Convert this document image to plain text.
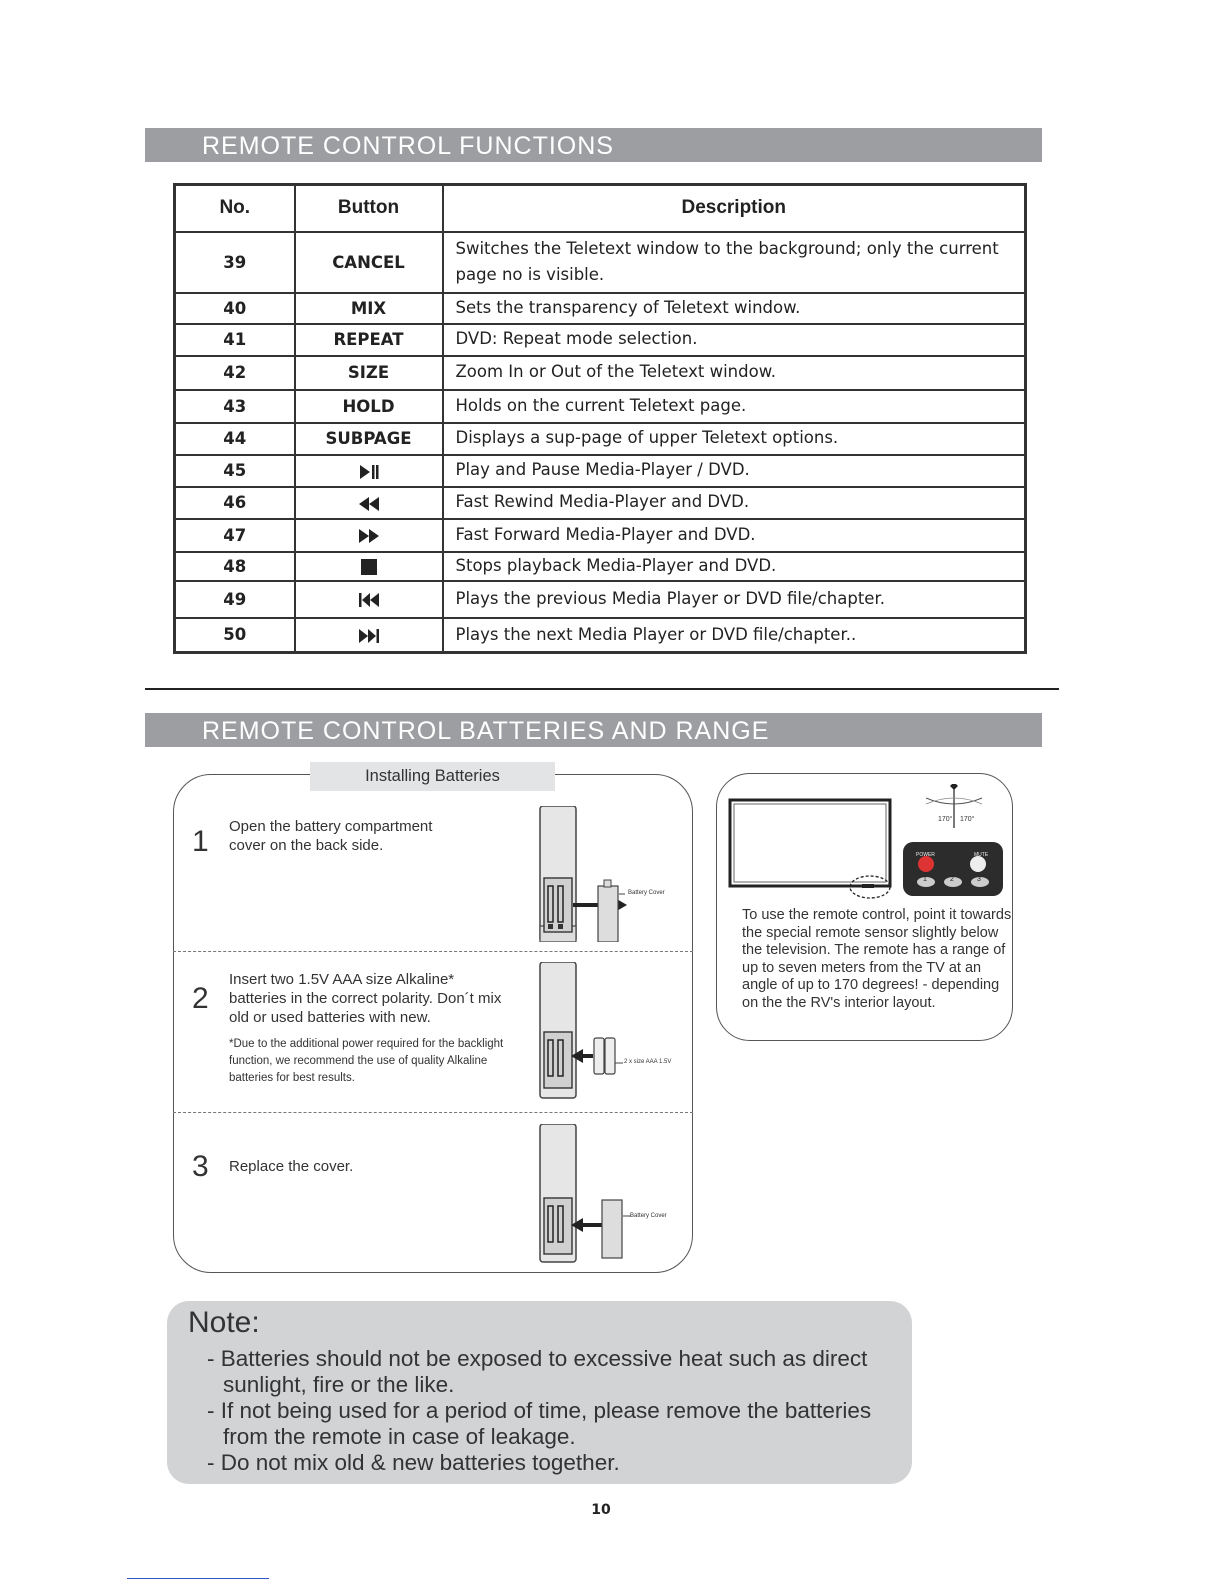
REMOTE CONTROL FUNCTIONS
No.	Button	Description
39	CANCEL	Switches the Teletext window to the background; only the current page no is visible.
40	MIX	Sets the transparency of Teletext window.
41	REPEAT	DVD: Repeat mode selection.
42	SIZE	Zoom In or Out of the Teletext window.
43	HOLD	Holds on the current Teletext page.
44	SUBPAGE	Displays a sup-page of upper Teletext options.
45		Play and Pause Media-Player / DVD.
46		Fast Rewind Media-Player and DVD.
47		Fast Forward Media-Player and DVD.
48		Stops playback Media-Player and DVD.
49		Plays the previous Media Player or DVD file/chapter.
50		Plays the next Media Player or DVD file/chapter..
REMOTE CONTROL BATTERIES AND RANGE
Installing Batteries
1 Open the battery compartment cover on the back side.
Battery Cover
2
Insert two 1.5V AAA size Alkaline* batteries in the correct polarity. Don´t mix old or used batteries with new.
*Due to the additional power required for the backlight function, we recommend the use of quality Alkaline batteries for best results.
2 x size AAA 1.5V
3 Replace the cover.
Battery Cover
170° 170°
POWER	MUTE
1	2	3
To use the remote control, point it towards the special remote sensor slightly below the television. The remote has a range of up to seven meters from the TV at an angle of up to 170 degrees! - depending on the the RV's interior layout.
Note:
- Batteries should not be exposed to excessive heat such as direct sunlight, fire or the like.
- If not being used for a period of time, please remove the batteries from the remote in case of leakage.
- Do not mix old & new batteries together.
10
